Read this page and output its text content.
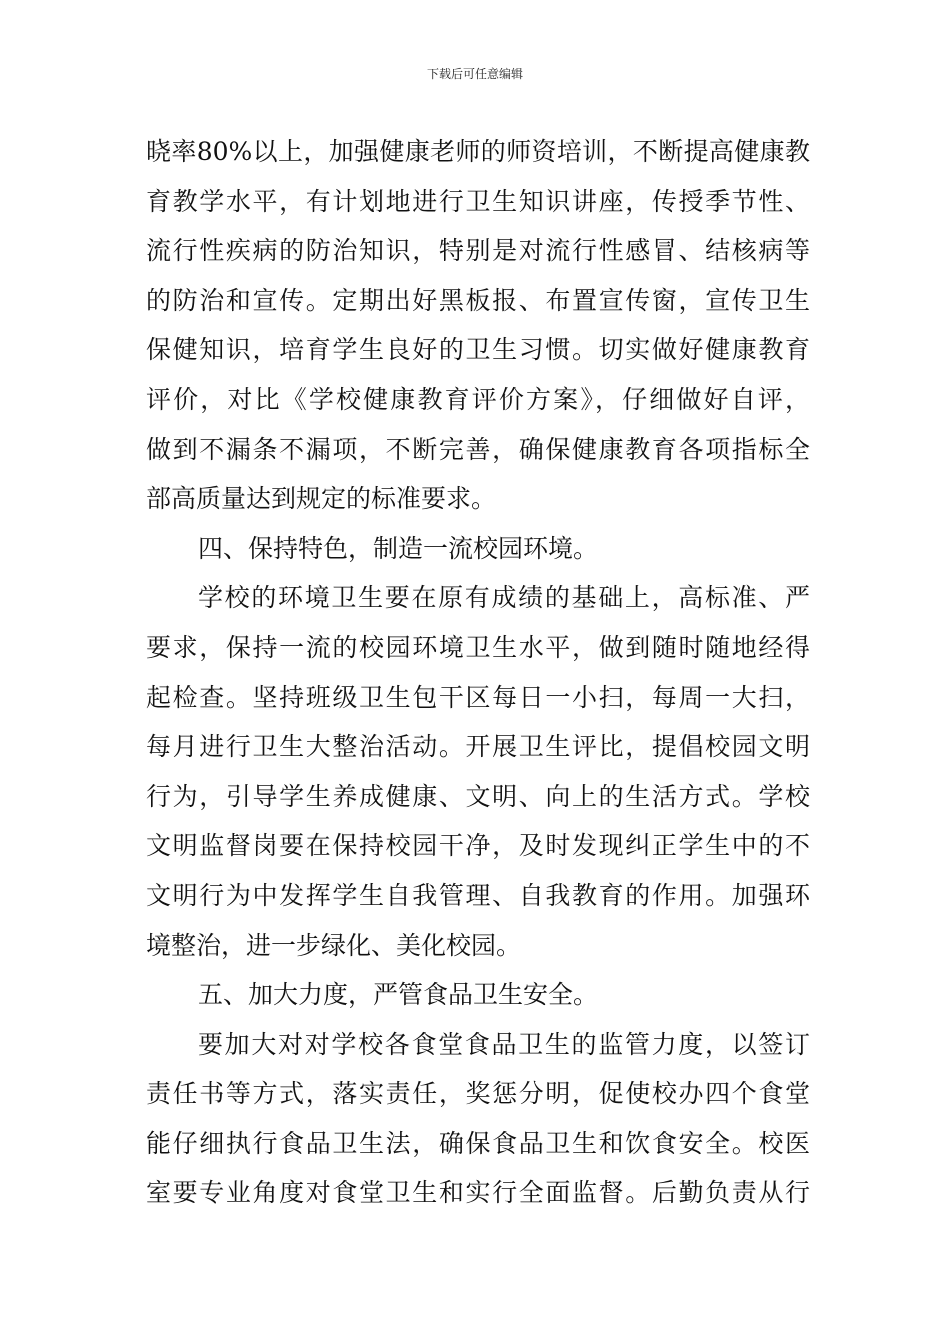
下载后可任意编辑
晓率80%以上，加强健康老师的师资培训，不断提高健康教
育教学水平，有计划地进行卫生知识讲座，传授季节性、
流行性疾病的防治知识，特别是对流行性感冒、结核病等
的防治和宣传。定期出好黑板报、布置宣传窗，宣传卫生
保健知识，培育学生良好的卫生习惯。切实做好健康教育
评价，对比《学校健康教育评价方案》，仔细做好自评，
做到不漏条不漏项，不断完善，确保健康教育各项指标全
部高质量达到规定的标准要求。
四、保持特色，制造一流校园环境。
学校的环境卫生要在原有成绩的基础上，高标准、严
要求，保持一流的校园环境卫生水平，做到随时随地经得
起检查。坚持班级卫生包干区每日一小扫，每周一大扫，
每月进行卫生大整治活动。开展卫生评比，提倡校园文明
行为，引导学生养成健康、文明、向上的生活方式。学校
文明监督岗要在保持校园干净，及时发现纠正学生中的不
文明行为中发挥学生自我管理、自我教育的作用。加强环
境整治，进一步绿化、美化校园。
五、加大力度，严管食品卫生安全。
要加大对对学校各食堂食品卫生的监管力度，以签订
责任书等方式，落实责任，奖惩分明，促使校办四个食堂
能仔细执行食品卫生法，确保食品卫生和饮食安全。校医
室要专业角度对食堂卫生和实行全面监督。后勤负责从行
